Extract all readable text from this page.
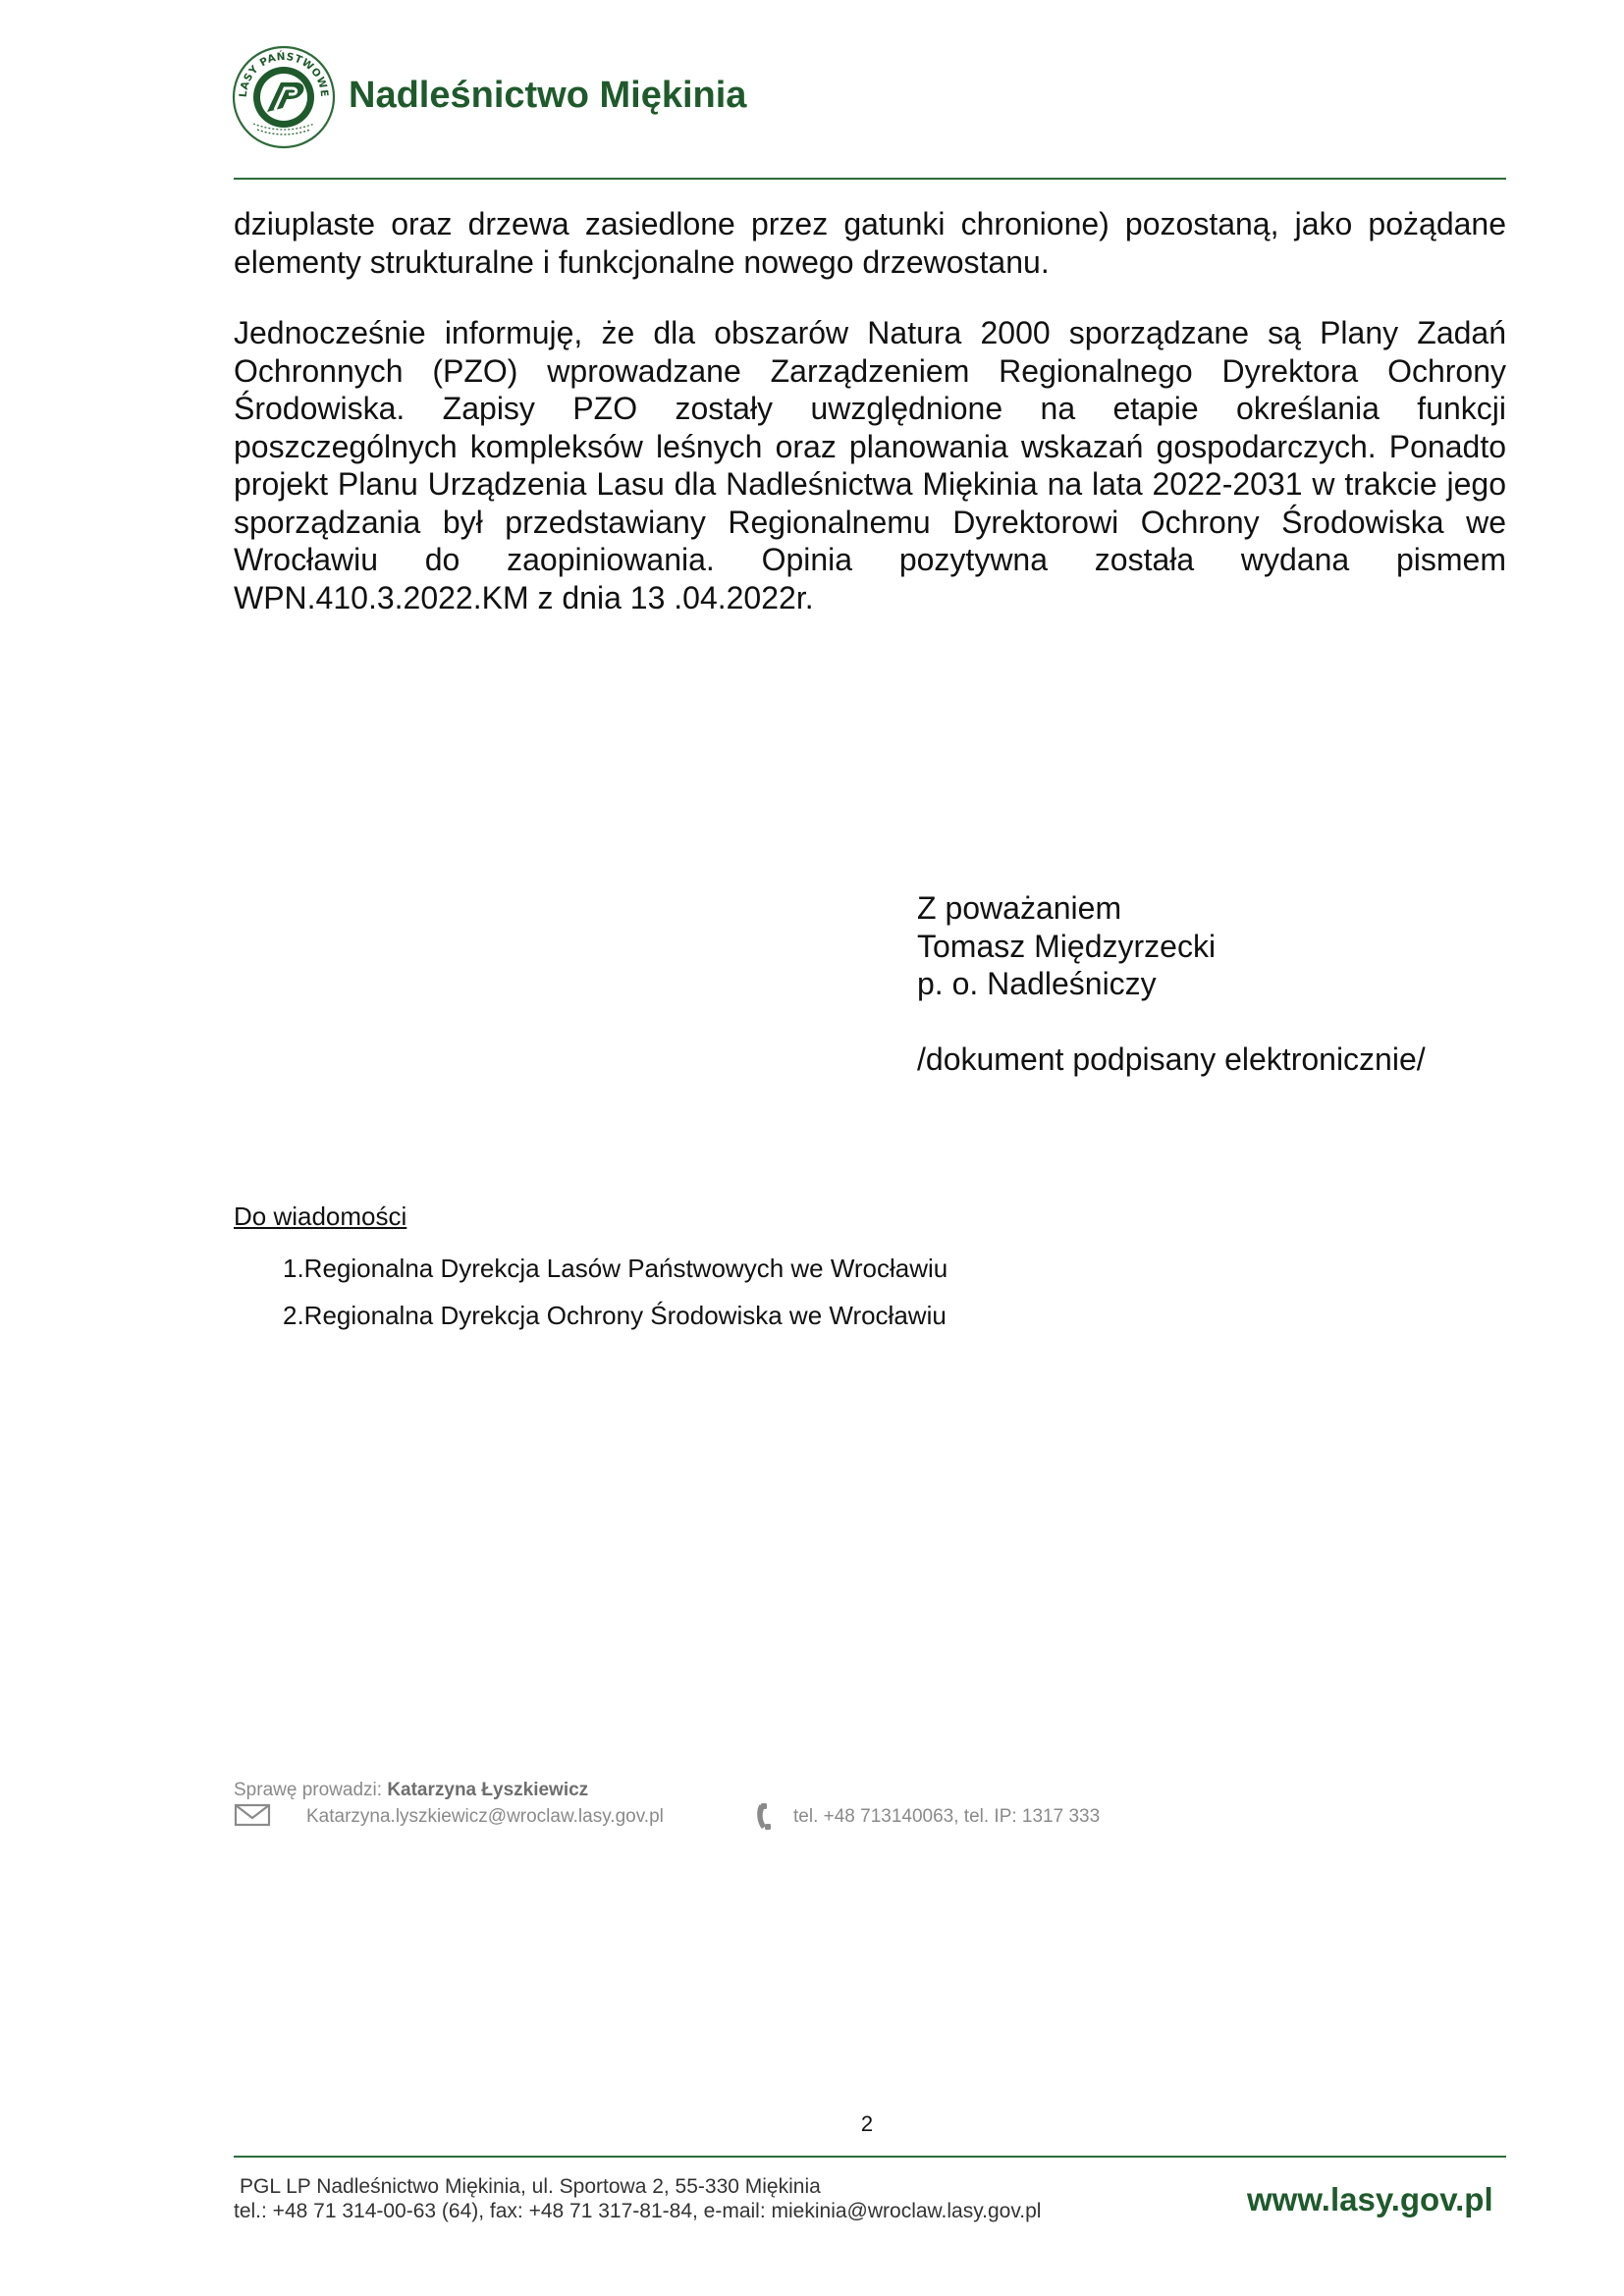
LASY PAŃSTWOWE Nadleśnictwo Miękinia

dziuplaste oraz drzewa zasiedlone przez gatunki chronione) pozostaną, jako pożądane elementy strukturalne i funkcjonalne nowego drzewostanu.

Jednocześnie informuję, że dla obszarów Natura 2000 sporządzane są Plany Zadań Ochronnych (PZO) wprowadzane Zarządzeniem Regionalnego Dyrektora Ochrony Środowiska. Zapisy PZO zostały uwzględnione na etapie określania funkcji poszczególnych kompleksów leśnych oraz planowania wskazań gospodarczych. Ponadto projekt Planu Urządzenia Lasu dla Nadleśnictwa Miękinia na lata 2022-2031 w trakcie jego sporządzania był przedstawiany Regionalnemu Dyrektorowi Ochrony Środowiska we Wrocławiu do zaopiniowania. Opinia pozytywna została wydana pismem WPN.410.3.2022.KM z dnia 13 .04.2022r.

Z poważaniem
Tomasz Międzyrzecki
p. o. Nadleśniczy
/dokument podpisany elektronicznie/
Do wiadomości
1.Regionalna Dyrekcja Lasów Państwowych we Wrocławiu
2.Regionalna Dyrekcja Ochrony Środowiska we Wrocławiu
Sprawę prowadzi: Katarzyna Łyszkiewicz
Katarzyna.lyszkiewicz@wroclaw.lasy.gov.pl	tel. +48 713140063, tel. IP: 1317 333
2
PGL LP Nadleśnictwo Miękinia, ul. Sportowa 2, 55-330 Miękinia
tel.: +48 71 314-00-63 (64), fax: +48 71 317-81-84, e-mail: miekinia@wroclaw.lasy.gov.pl	www.lasy.gov.pl
